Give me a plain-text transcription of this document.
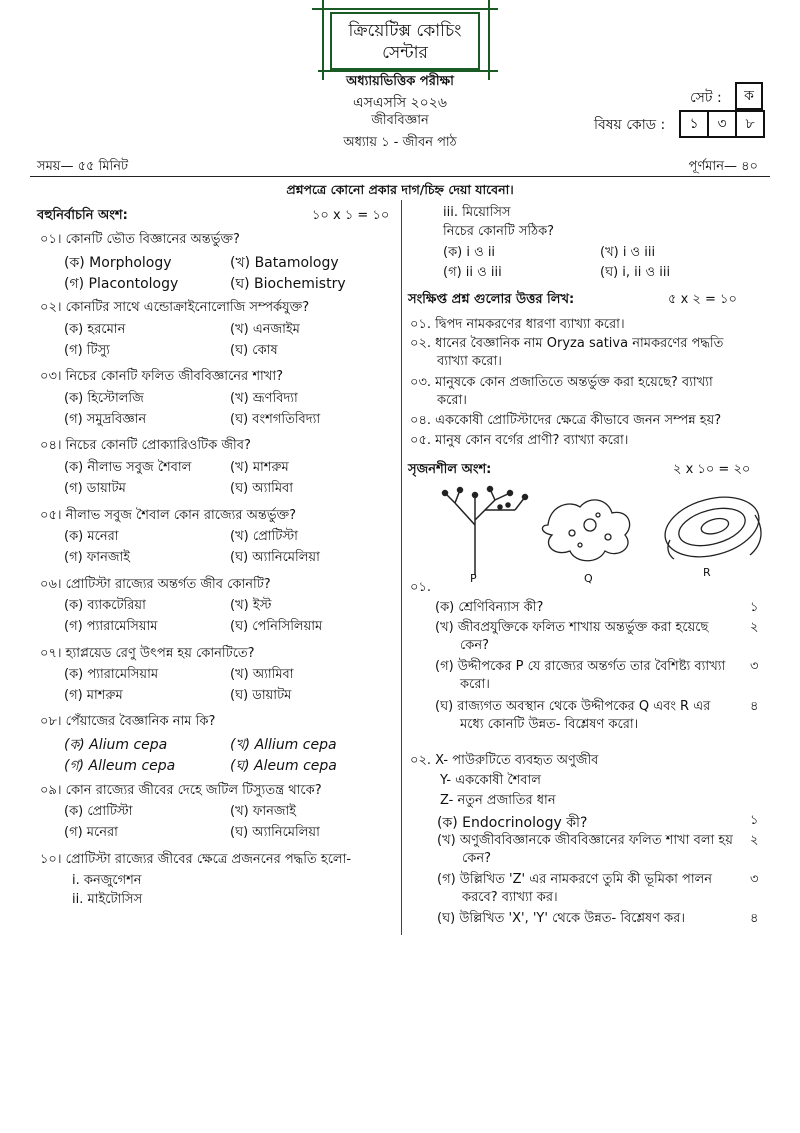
ক্রিয়েটিক্স কোচিং
সেন্টার
অধ্যায়ভিত্তিক পরীক্ষা
এসএসসি ২০২৬
জীববিজ্ঞান
অধ্যায় ১ - জীবন পাঠ
সেট :	ক
বিষয় কোড :	১	৩	৮
সময়— ৫৫ মিনিট	পূর্ণমান— ৪০
প্রশ্নপত্রে কোনো প্রকার দাগ/চিহ্ন দেয়া যাবেনা।
বহুনির্বাচনি অংশ:	১০ x ১ = ১০
০১। কোনটি ভৌত বিজ্ঞানের অন্তর্ভুক্ত?
(ক) Morphology	(খ) Batamology
(গ) Placontology	(ঘ) Biochemistry
০২। কোনটির সাথে এন্ডোক্রাইনোলোজি সম্পর্কযুক্ত?
(ক) হরমোন	(খ) এনজাইম
(গ) টিস্যু	(ঘ) কোষ
০৩। নিচের কোনটি ফলিত জীববিজ্ঞানের শাখা?
(ক) হিস্টোলজি	(খ) ভ্রূণবিদ্যা
(গ) সমুদ্রবিজ্ঞান	(ঘ) বংশগতিবিদ্যা
০৪। নিচের কোনটি প্রোক্যারিওটিক জীব?
(ক) নীলাভ সবুজ শৈবাল	(খ) মাশরুম
(গ) ডায়াটম	(ঘ) অ্যামিবা
০৫। নীলাভ সবুজ শৈবাল কোন রাজ্যের অন্তর্ভুক্ত?
(ক) মনেরা	(খ) প্রোটিস্টা
(গ) ফানজাই	(ঘ) অ্যানিমেলিয়া
০৬। প্রোটিস্টা রাজ্যের অন্তর্গত জীব কোনটি?
(ক) ব্যাকটেরিয়া	(খ) ইস্ট
(গ) প্যারামেসিয়াম	(ঘ) পেনিসিলিয়াম
০৭। হ্যাপ্লয়েড রেণু উৎপন্ন হয় কোনটিতে?
(ক) প্যারামেসিয়াম	(খ) অ্যামিবা
(গ) মাশরুম	(ঘ) ডায়াটম
০৮। পেঁয়াজের বৈজ্ঞানিক নাম কি?
(ক) Alium cepa	(খ) Allium cepa
(গ) Alleum cepa	(ঘ) Aleum cepa
০৯। কোন রাজ্যের জীবের দেহে জটিল টিস্যুতন্ত্র থাকে?
(ক) প্রোটিস্টা	(খ) ফানজাই
(গ) মনেরা	(ঘ) অ্যানিমেলিয়া
১০। প্রোটিস্টা রাজ্যের জীবের ক্ষেত্রে প্রজননের পদ্ধতি হলো-
i. কনজুগেশন
ii. মাইটোসিস
iii. মিয়োসিস
নিচের কোনটি সঠিক?
(ক) i ও ii	(খ) i ও iii
(গ) ii ও iii	(ঘ) i, ii ও iii
সংক্ষিপ্ত প্রশ্ন গুলোর উত্তর লিখ:	৫ x ২ = ১০
০১. দ্বিপদ নামকরণের ধারণা ব্যাখ্যা করো।
০২. ধানের বৈজ্ঞানিক নাম Oryza sativa নামকরণের পদ্ধতি
ব্যাখ্যা করো।
০৩. মানুষকে কোন প্রজাতিতে অন্তর্ভুক্ত করা হয়েছে? ব্যাখ্যা
করো।
০৪. এককোষী প্রোটিস্টাদের ক্ষেত্রে কীভাবে জনন সম্পন্ন হয়?
০৫. মানুষ কোন বর্গের প্রাণী? ব্যাখ্যা করো।
সৃজনশীল অংশ:	২ x ১০ = ২০
P	Q	R
০১.
(ক) শ্রেণিবিন্যাস কী?	১
(খ) জীবপ্রযুক্তিকে ফলিত শাখায় অন্তর্ভুক্ত করা হয়েছে	২
কেন?
(গ) উদ্দীপকের P যে রাজ্যের অন্তর্গত তার বৈশিষ্ট্য ব্যাখ্যা ৩
করো।
(ঘ) রাজ্যগত অবস্থান থেকে উদ্দীপকের Q এবং R এর	৪
মধ্যে কোনটি উন্নত- বিশ্লেষণ করো।
০২. X- পাউরুটিতে ব্যবহৃত অণুজীব
Y- এককোষী শৈবাল
Z- নতুন প্রজাতির ধান
(ক) Endocrinology কী?	১
(খ) অণুজীববিজ্ঞানকে জীববিজ্ঞানের ফলিত শাখা বলা হয় ২
কেন?
(গ) উল্লিখিত 'Z' এর নামকরণে তুমি কী ভূমিকা পালন	৩
করবে? ব্যাখ্যা কর।
(ঘ) উল্লিখিত 'X', 'Y' থেকে উন্নত- বিশ্লেষণ কর।	৪
